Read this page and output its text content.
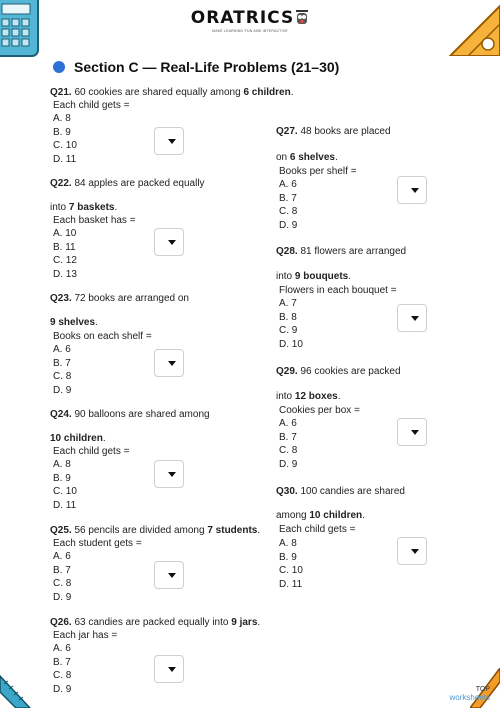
ORATRICS
MAKE LEARNING FUN AND INTERACTIVE
Section C — Real-Life Problems (21–30)
Q21. 60 cookies are shared equally among 6 children.
Each child gets =
A. 8
B. 9
C. 10
D. 11
Q22. 84 apples are packed equally
into 7 baskets.
Each basket has =
A. 10
B. 11
C. 12
D. 13
Q23. 72 books are arranged on
9 shelves.
Books on each shelf =
A. 6
B. 7
C. 8
D. 9
Q24. 90 balloons are shared among
10 children.
Each child gets =
A. 8
B. 9
C. 10
D. 11
Q25. 56 pencils are divided among 7 students.
Each student gets =
A. 6
B. 7
C. 8
D. 9
Q26. 63 candies are packed equally into 9 jars.
Each jar has =
A. 6
B. 7
C. 8
D. 9
Q27. 48 books are placed
on 6 shelves.
Books per shelf =
A. 6
B. 7
C. 8
D. 9
Q28. 81 flowers are arranged
into 9 bouquets.
Flowers in each bouquet =
A. 7
B. 8
C. 9
D. 10
Q29. 96 cookies are packed
into 12 boxes.
Cookies per box =
A. 6
B. 7
C. 8
D. 9
Q30. 100 candies are shared
among 10 children.
Each child gets =
A. 8
B. 9
C. 10
D. 11
TOP
worksheets
